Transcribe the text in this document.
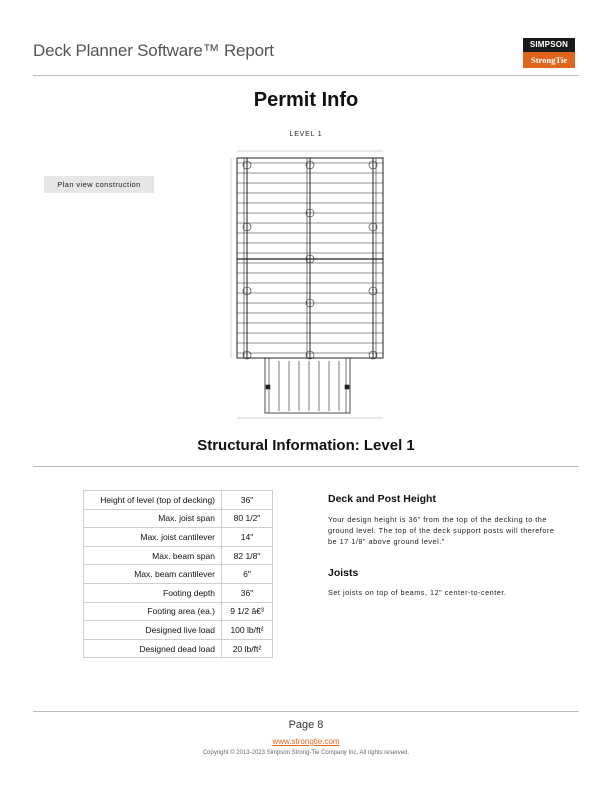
Deck Planner Software™ Report	SIMPSON
StrongTie
Permit Info
LEVEL 1
Plan view construction
Structural Information: Level 1
Height of level (top of decking)	36"
Max. joist span	80 1/2"
Max. joist cantilever	14"
Max. beam span	82 1/8"
Max. beam cantilever	6"
Footing depth	36"
Footing area (ea.)	9 1/2 â€³
Designed live load	100 lb/ft²
Designed dead load	20 lb/ft²
Deck and Post Height
Your design height is 36" from the top of the decking to the ground level. The top of the deck support posts will therefore be 17 1/8" above ground level."
Joists
Set joists on top of beams, 12" center-to-center.
Page 8
www.strongtie.com
Copyright © 2013-2023 Simpson Strong-Tie Company Inc. All rights reserved.
